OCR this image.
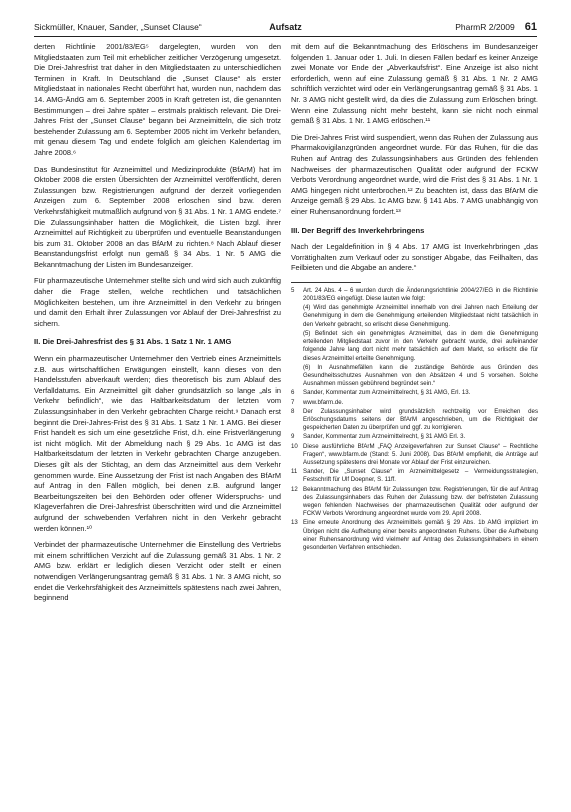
Sickmüller, Knauer, Sander, „Sunset Clause“	Aufsatz	PharmR 2/2009 61

derten Richtlinie 2001/83/EG⁵ dargelegten, wurden von den Mitgliedstaaten zum Teil mit erheblicher zeitlicher Verzögerung umgesetzt. Die Drei-Jahresfrist trat daher in den Mitgliedstaaten zu unterschiedlichen Terminen in Kraft. In Deutschland die „Sunset Clause“ als erster Mitgliedstaat in nationales Recht überführt hat, wurden nun, nachdem das 14. AMG-ÄndG am 6. September 2005 in Kraft getreten ist, die genannten Bestimmungen – drei Jahre später – erstmals praktisch relevant. Die Drei-Jahres Frist der „Sunset Clause“ begann bei Arzneimitteln, die sich trotz bestehender Zulassung am 6. September 2005 nicht im Verkehr befanden, mit genau diesem Tag und endete folglich am gleichen Kalendertag im Jahre 2008.⁶

Das Bundesinstitut für Arzneimittel und Medizinprodukte (BfArM) hat im Oktober 2008 die ersten Übersichten der Arzneimittel veröffentlicht, deren Zulassungen bzw. Registrierungen aufgrund der derzeit vorliegenden Anzeigen zum 6. September 2008 erloschen sind bzw. deren Verkehrsfähigkeit mutmaßlich aufgrund von § 31 Abs. 1 Nr. 1 AMG endete.⁷ Die Zulassungsinhaber hatten die Möglichkeit, die Listen bzgl. ihrer Arzneimittel auf Richtigkeit zu überprüfen und eventuelle Beanstandungen bis zum 31. Oktober 2008 an das BfArM zu richten.⁸ Nach Ablauf dieser Beanstandungsfrist erfolgt nun gemäß § 34 Abs. 1 Nr. 5 AMG die Bekanntmachung der Listen im Bundesanzeiger.

Für pharmazeutische Unternehmer stellte sich und wird sich auch zukünftig daher die Frage stellen, welche rechtlichen und tatsächlichen Möglichkeiten bestehen, um ihre Arzneimittel in den Verkehr zu bringen und damit den Erhalt ihrer Zulassungen vor Ablauf der Drei-Jahresfrist zu sichern.

II. Die Drei-Jahresfrist des § 31 Abs. 1 Satz 1 Nr. 1 AMG

Wenn ein pharmazeutischer Unternehmer den Vertrieb eines Arzneimittels z.B. aus wirtschaftlichen Erwägungen einstellt, kann dieses von den Handelsstufen abverkauft werden; dies theoretisch bis zum Ablauf des Verfalldatums. Ein Arzneimittel gilt daher grundsätzlich so lange „als in Verkehr befindlich“, wie das Haltbarkeitsdatum der letzten vom Zulassungsinhaber in den Verkehr gebrachten Charge reicht.⁹ Danach erst beginnt die Drei-Jahres-Frist des § 31 Abs. 1 Satz 1 Nr. 1 AMG. Bei dieser Frist handelt es sich um eine gesetzliche Frist, d.h. eine Fristverlängerung ist nicht möglich. Mit der Abmeldung nach § 29 Abs. 1c AMG ist das Haltbarkeitsdatum der letzten in Verkehr gebrachten Charge anzugeben. Dieses gilt als der Stichtag, an dem das Arzneimittel aus dem Verkehr genommen wurde. Eine Aussetzung der Frist ist nach Angaben des BfArM auf Antrag in den Fällen möglich, bei denen z.B. aufgrund langer Bearbeitungszeiten bei den Behörden oder offener Widerspruchs- und Klageverfahren die Drei-Jahresfrist überschritten wird und die Arzneimittel aufgrund der schwebenden Verfahren nicht in den Verkehr gebracht werden können.¹⁰

Verbindet der pharmazeutische Unternehmer die Einstellung des Vertriebs mit einem schriftlichen Verzicht auf die Zulassung gemäß 31 Abs. 1 Nr. 2 AMG bzw. erklärt er lediglich diesen Verzicht oder stellt er einen notwendigen Verlängerungsantrag gemäß § 31 Abs. 1 Nr. 3 AMG nicht, so endet die Verkehrsfähigkeit des Arzneimittels spätestens nach zwei Jahren, beginnend

mit dem auf die Bekanntmachung des Erlöschens im Bundesanzeiger folgenden 1. Januar oder 1. Juli. In diesen Fällen bedarf es keiner Anzeige zwei Monate vor Ende der „Abverkaufsfrist“. Eine Anzeige ist also nicht erforderlich, wenn auf eine Zulassung gemäß § 31 Abs. 1 Nr. 2 AMG schriftlich verzichtet wird oder ein Verlängerungsantrag gemäß § 31 Abs. 1 Nr. 3 AMG nicht gestellt wird, da dies die Zulassung zum Erlöschen bringt. Wenn eine Zulassung nicht mehr besteht, kann sie nicht noch einmal gemäß § 31 Abs. 1 Nr. 1 AMG erlöschen.¹¹

Die Drei-Jahres Frist wird suspendiert, wenn das Ruhen der Zulassung aus Pharmakovigilanzgründen angeordnet wurde. Für das Ruhen, für die das Ruhen auf Antrag des Zulassungsinhabers aus Gründen des fehlenden Nachweises der pharmazeutischen Qualität oder aufgrund der FCKW Verbots Verordnung angeordnet wurde, wird die Frist des § 31 Abs. 1 Nr. 1 AMG hingegen nicht unterbrochen.¹² Zu beachten ist, dass das BfArM die Anzeige gemäß § 29 Abs. 1c AMG bzw. § 141 Abs. 7 AMG unabhängig von einer Ruhensanordnung fordert.¹³

III. Der Begriff des Inverkehrbringens

Nach der Legaldefinition in § 4 Abs. 17 AMG ist Inverkehrbringen „das Vorrätighalten zum Verkauf oder zu sonstiger Abgabe, das Feilhalten, das Feilbieten und die Abgabe an andere.“

5	Art. 24 Abs. 4 – 6 wurden durch die Änderungsrichtlinie 2004/27/EG in die Richtlinie 2001/83/EG eingefügt. Diese lauten wie folgt:
(4) Wird das genehmigte Arzneimittel innerhalb von drei Jahren nach Erteilung der Genehmigung in dem die Genehmigung erteilenden Mitgliedstaat nicht tatsächlich in den Verkehr gebracht, so erlischt diese Genehmigung.
(5) Befindet sich ein genehmigtes Arzneimittel, das in dem die Genehmigung erteilenden Mitgliedstaat zuvor in den Verkehr gebracht wurde, drei aufeinander folgende Jahre lang dort nicht mehr tatsächlich auf dem Markt, so erlischt die für dieses Arzneimittel erteilte Genehmigung.
(6) In Ausnahmefällen kann die zuständige Behörde aus Gründen des Gesundheitsschutzes Ausnahmen von den Absätzen 4 und 5 vorsehen. Solche Ausnahmen müssen gebührend begründet sein.“
6	Sander, Kommentar zum Arzneimittelrecht, § 31 AMG, Erl. 13.
7	www.bfarm.de.
8	Der Zulassungsinhaber wird grundsätzlich rechtzeitig vor Erreichen des Erlöschungsdatums seitens der BfArM angeschrieben, um die Richtigkeit der gespeicherten Daten zu überprüfen und ggf. zu korrigieren.
9	Sander, Kommentar zum Arzneimittelrecht, § 31 AMG Erl. 3.
10 Diese ausführliche BfArM „FAQ Anzeigeverfahren zur Sunset Clause“ – Rechtliche Fragen“, www.bfarm.de (Stand: 5. Juni 2008). Das BfArM empfiehlt, die Anträge auf Aussetzung spätestens drei Monate vor Ablauf der Frist einzureichen.
11 Sander, Die „Sunset Clause“ im Arzneimittelgesetz – Vermeidungsstrategien, Festschrift für Ulf Doepner, S. 11ff.
12 Bekanntmachung des BfArM für Zulassungen bzw. Registrierungen, für die auf Antrag des Zulassungsinhabers das Ruhen der Zulassung bzw. der befristeten Zulassung wegen fehlenden Nachweises der pharmazeutischen Qualität oder aufgrund der FCKW Verbots Verordnung angeordnet wurde vom 29. April 2008.
13 Eine erneute Anordnung des Arzneimittels gemäß § 29 Abs. 1b AMG impliziert im Übrigen nicht die Aufhebung einer bereits angeordneten Ruhens. Über die Aufhebung einer Ruhensanordnung wird vielmehr auf Antrag des Zulassungsinhabers in einem gesonderten Verfahren entschieden.
